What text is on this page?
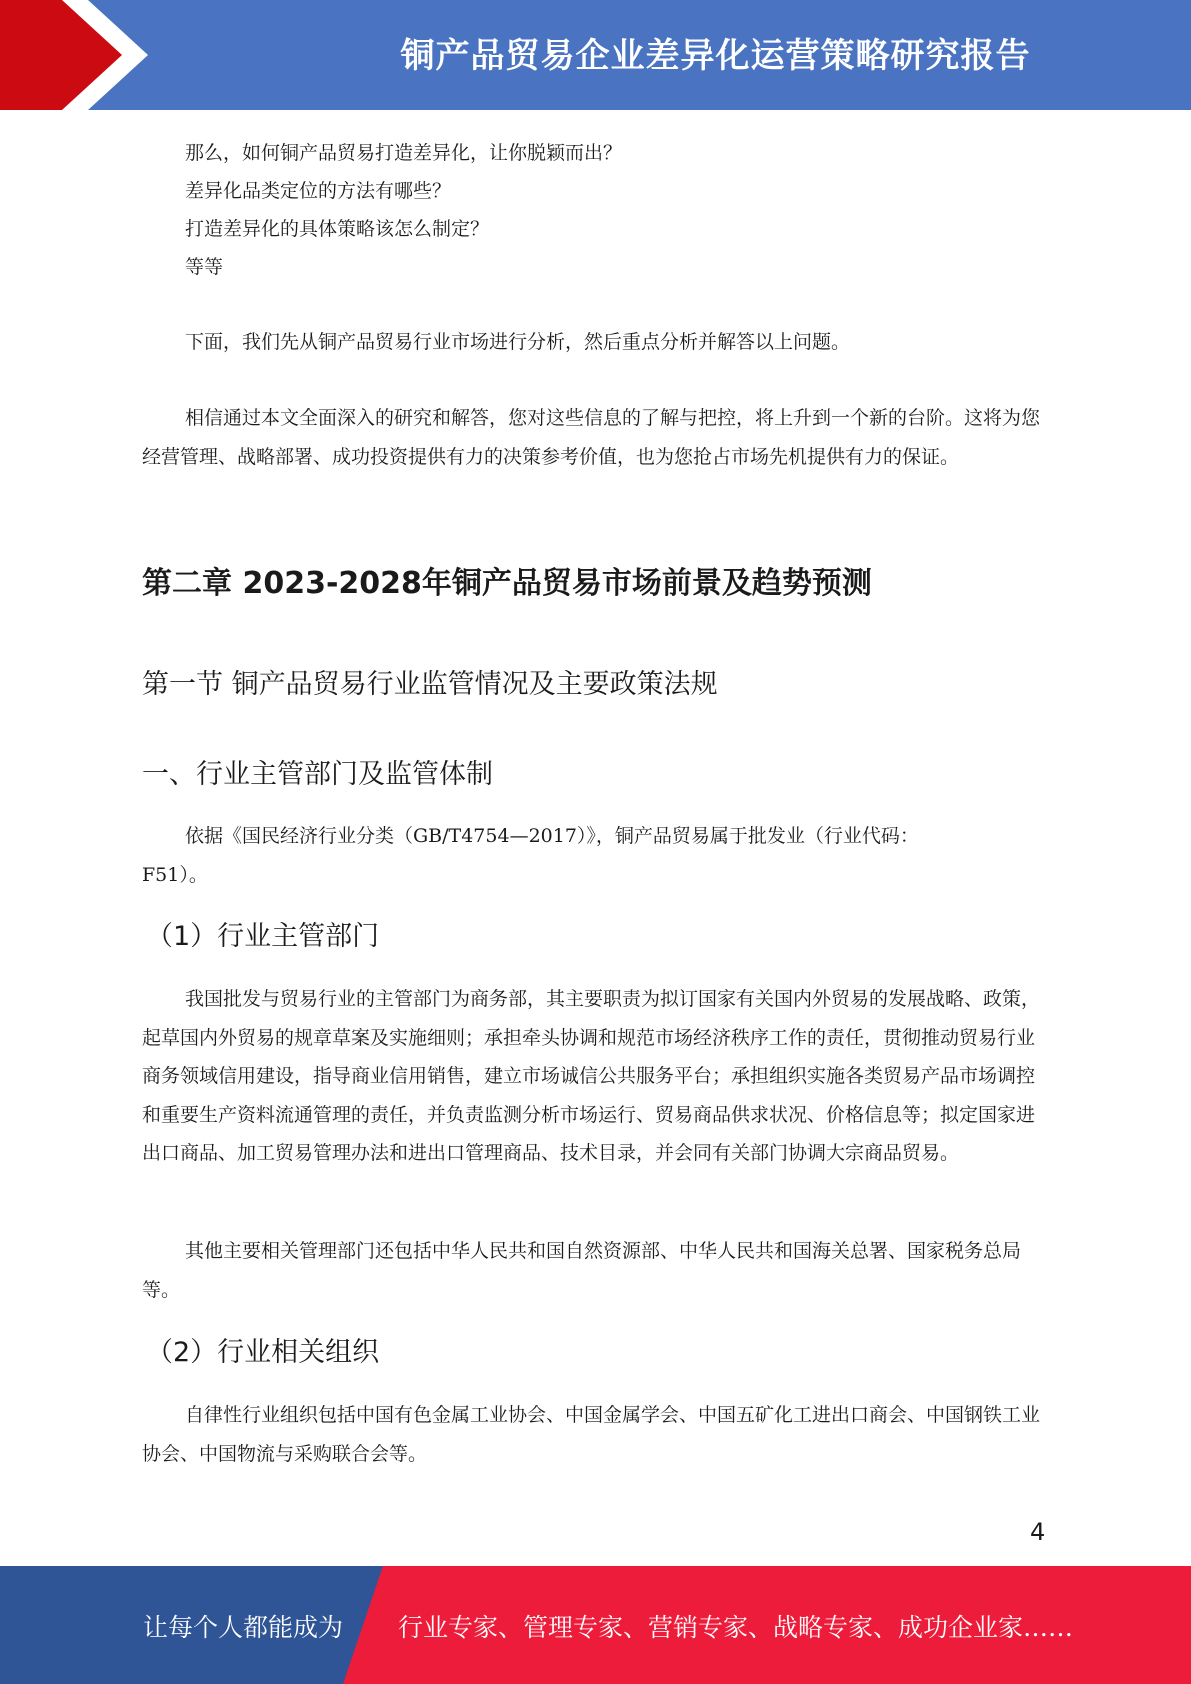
铜产品贸易企业差异化运营策略研究报告
那么，如何铜产品贸易打造差异化，让你脱颖而出？
差异化品类定位的方法有哪些？
打造差异化的具体策略该怎么制定？
等等
下面，我们先从铜产品贸易行业市场进行分析，然后重点分析并解答以上问题。
相信通过本文全面深入的研究和解答，您对这些信息的了解与把控，将上升到一个新的台阶。这将为您经营管理、战略部署、成功投资提供有力的决策参考价值，也为您抢占市场先机提供有力的保证。
第二章 2023-2028年铜产品贸易市场前景及趋势预测
第一节 铜产品贸易行业监管情况及主要政策法规
一、行业主管部门及监管体制
依据《国民经济行业分类（GB/T4754—2017）》，铜产品贸易属于批发业（行业代码：
F51）。
（1）行业主管部门
我国批发与贸易行业的主管部门为商务部，其主要职责为拟订国家有关国内外贸易的发展战略、政策，起草国内外贸易的规章草案及实施细则；承担牵头协调和规范市场经济秩序工作的责任，贯彻推动贸易行业商务领域信用建设，指导商业信用销售，建立市场诚信公共服务平台；承担组织实施各类贸易产品市场调控和重要生产资料流通管理的责任，并负责监测分析市场运行、贸易商品供求状况、价格信息等；拟定国家进出口商品、加工贸易管理办法和进出口管理商品、技术目录，并会同有关部门协调大宗商品贸易。
其他主要相关管理部门还包括中华人民共和国自然资源部、中华人民共和国海关总署、国家税务总局等。
（2）行业相关组织
自律性行业组织包括中国有色金属工业协会、中国金属学会、中国五矿化工进出口商会、中国钢铁工业协会、中国物流与采购联合会等。
4
让每个人都能成为 行业专家、管理专家、营销专家、战略专家、成功企业家……
